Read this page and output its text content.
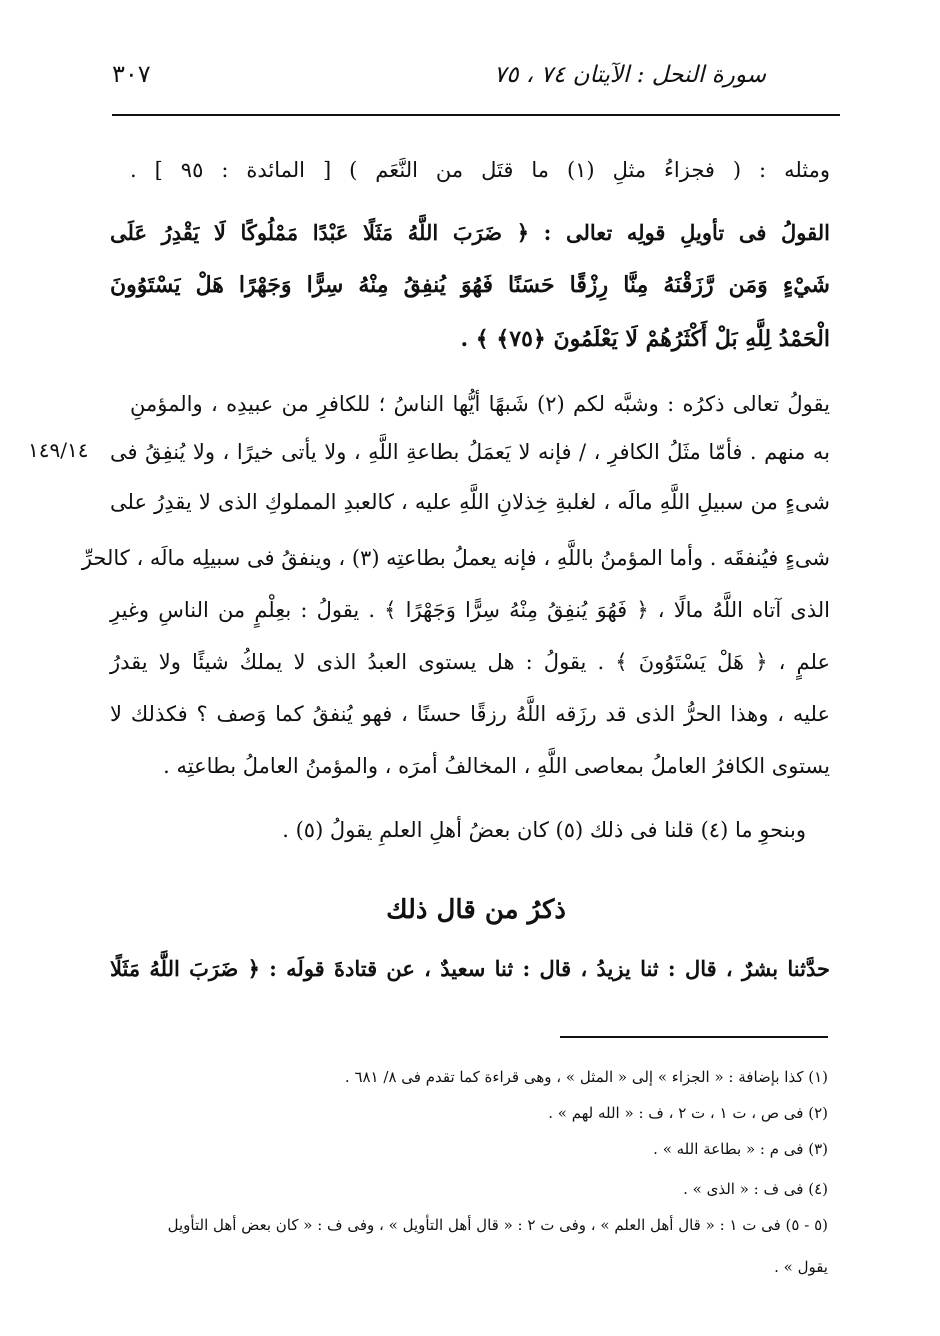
سورة النحل : الآيتان ٧٤ ، ٧٥
٣٠٧
ومثله : ( فجزاءُ مثلِ (١) ما قتَل من النَّعَم ) [ المائدة : ٩٥ ] .
القولُ فى تأويلِ قولِه تعالى : ﴿ ضَرَبَ اللَّهُ مَثَلًا عَبْدًا مَمْلُوكًا لَا يَقْدِرُ عَلَى
شَيْءٍ وَمَن رَّزَقْنَهُ مِنَّا رِزْقًا حَسَنًا فَهُوَ يُنفِقُ مِنْهُ سِرًّا وَجَهْرًا هَلْ يَسْتَوُونَ
الْحَمْدُ لِلَّهِ بَلْ أَكْثَرُهُمْ لَا يَعْلَمُونَ ﴿٧٥﴾ ﴾ .
يقولُ تعالى ذكرُه : وشبَّه لكم (٢) شَبهًا أيُّها الناسُ ؛ للكافرِ من عبيدِه ، والمؤمنِ
به منهم . فأمّا مثَلُ الكافرِ ، / فإنه لا يَعمَلُ بطاعةِ اللَّهِ ، ولا يأتى خيرًا ، ولا يُنفِقُ فى
شىءٍ من سبيلِ اللَّهِ مالَه ، لغلبةِ خِذلانِ اللَّهِ عليه ، كالعبدِ المملوكِ الذى لا يقدِرُ على
شىءٍ فيُنفقَه . وأما المؤمنُ باللَّهِ ، فإنه يعملُ بطاعتِه (٣) ، وينفقُ فى سبيلِه مالَه ، كالحرِّ
الذى آتاه اللَّهُ مالًا ، ﴿ فَهُوَ يُنفِقُ مِنْهُ سِرًّا وَجَهْرًا ﴾ . يقولُ : بعِلْمٍ من الناسِ وغيرِ
علمٍ ، ﴿ هَلْ يَسْتَوُونَ ﴾ . يقولُ : هل يستوى العبدُ الذى لا يملكُ شيئًا ولا يقدرُ
عليه ، وهذا الحرُّ الذى قد رزَقه اللَّهُ رزقًا حسنًا ، فهو يُنفقُ كما وَصف ؟ فكذلك لا
يستوى الكافرُ العاملُ بمعاصى اللَّهِ ، المخالفُ أمرَه ، والمؤمنُ العاملُ بطاعتِه .
وبنحوِ ما (٤) قلنا فى ذلك (٥) كان بعضُ أهلِ العلمِ يقولُ (٥) .
١٤٩/١٤
ذكرُ من قال ذلك
حدَّثنا بشرٌ ، قال : ثنا يزيدُ ، قال : ثنا سعيدٌ ، عن قتادةَ قولَه : ﴿ ضَرَبَ اللَّهُ مَثَلًا
(١) كذا بإضافة : « الجزاء » إلى « المثل » ، وهى قراءة كما تقدم فى ٨/ ٦٨١ .
(٢) فى ص ، ت ١ ، ت ٢ ، ف : « الله لهم » .
(٣) فى م : « بطاعة الله » .
(٤) فى ف : « الذى » .
(٥ - ٥) فى ت ١ : « قال أهل العلم » ، وفى ت ٢ : « قال أهل التأويل » ، وفى ف : « كان بعض أهل التأويل
يقول » .
